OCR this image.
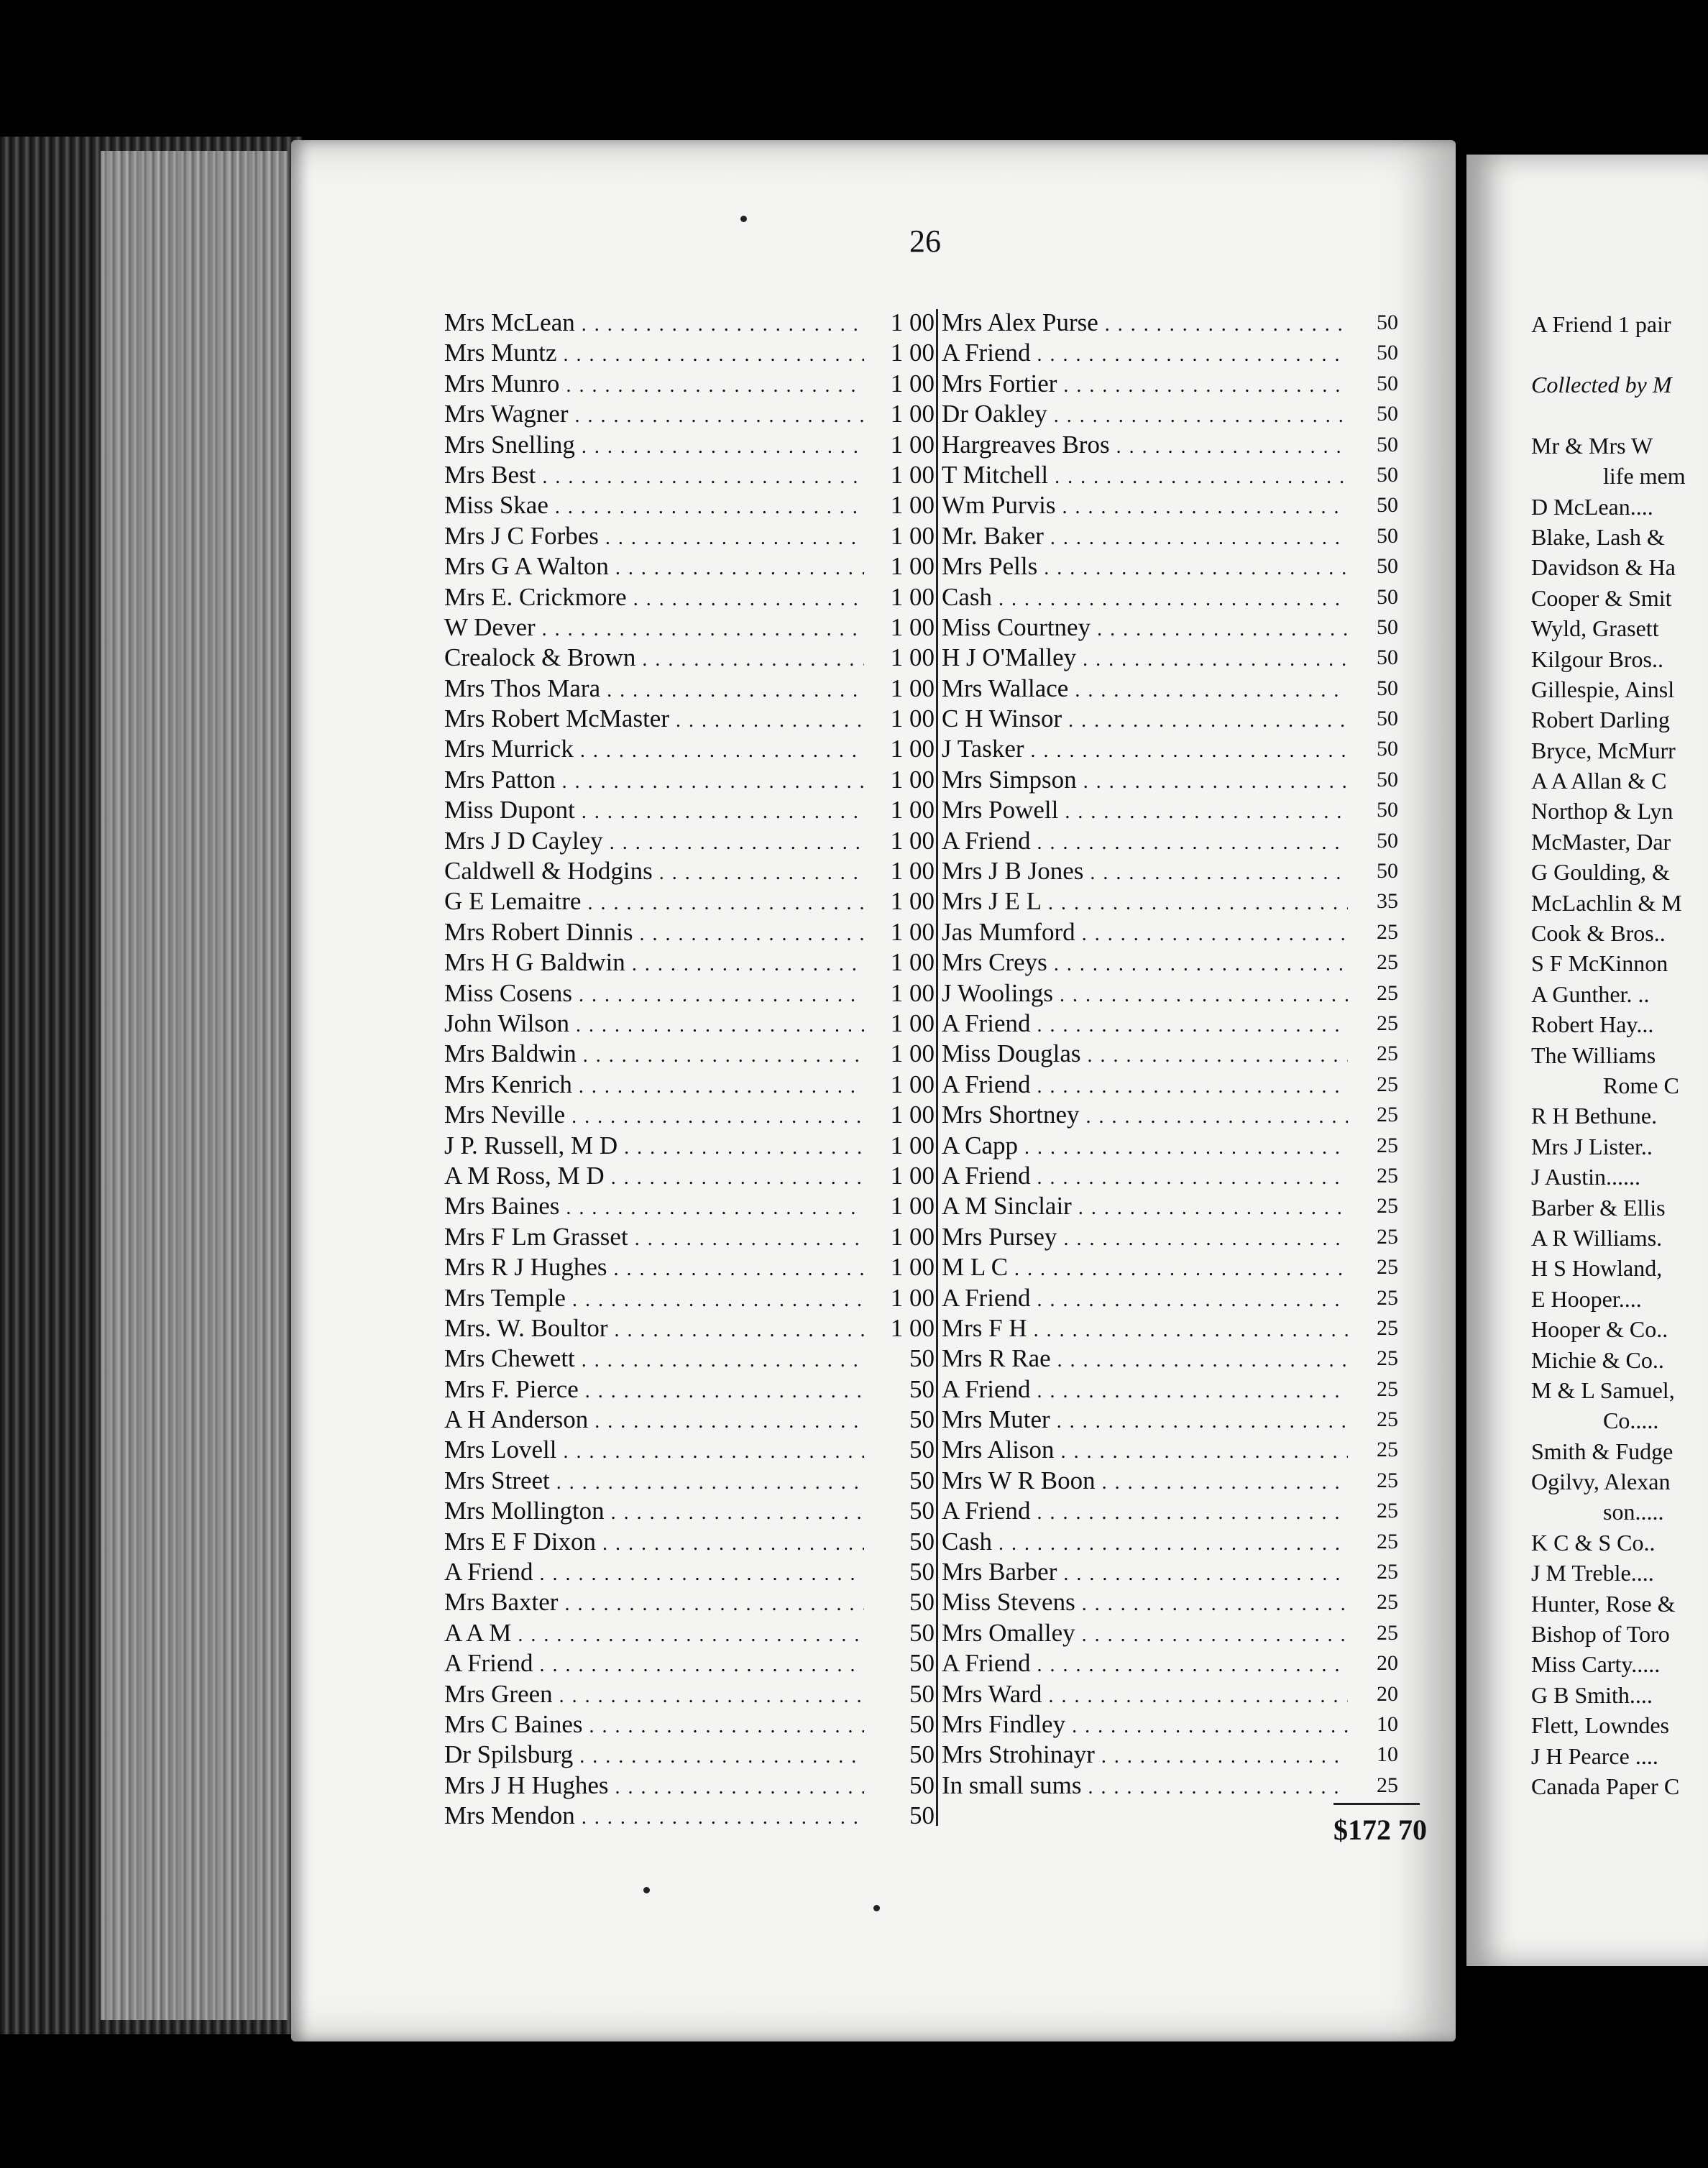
26
Mrs McLean . . .	1 00
Mrs Muntz . . .	1 00
Mrs Munro . . .	1 00
Mrs Wagner . . .	1 00
Mrs Snelling . . .	1 00
Mrs Best . . .	1 00
Miss Skae . . .	1 00
Mrs J C Forbes . . .	1 00
Mrs G A Walton . . .	1 00
Mrs E. Crickmore . . .	1 00
W Dever . . .	1 00
Crealock & Brown . . .	1 00
Mrs Thos Mara . . .	1 00
Mrs Robert McMaster . . .	1 00
Mrs Murrick . . .	1 00
Mrs Patton . . .	1 00
Miss Dupont . . .	1 00
Mrs J D Cayley . . .	1 00
Caldwell & Hodgins . . .	1 00
G E Lemaitre . . .	1 00
Mrs Robert Dinnis . . .	1 00
Mrs H G Baldwin . . .	1 00
Miss Cosens . . .	1 00
John Wilson . . .	1 00
Mrs Baldwin . . .	1 00
Mrs Kenrich . . .	1 00
Mrs Neville . . .	1 00
J P. Russell, M D . . .	1 00
A M Ross, M D . . .	1 00
Mrs Baines . . .	1 00
Mrs F Lm Grasset . . .	1 00
Mrs R J Hughes . . .	1 00
Mrs Temple . . .	1 00
Mrs. W. Boultor . . .	1 00
Mrs Chewett . . .	50
Mrs F. Pierce . . .	50
A H Anderson . . .	50
Mrs Lovell . . .	50
Mrs Street . . .	50
Mrs Mollington . . .	50
Mrs E F Dixon . . .	50
A Friend . . .	50
Mrs Baxter . . .	50
A A M . . .	50
A Friend . . .	50
Mrs Green . . .	50
Mrs C Baines . . .	50
Dr Spilsburg . . .	50
Mrs J H Hughes . . .	50
Mrs Mendon . . .	50
Mrs Alex Purse . . .	50
A Friend . . .	50
Mrs Fortier . . .	50
Dr Oakley . . .	50
Hargreaves Bros . . .	50
T Mitchell . . .	50
Wm Purvis . . .	50
Mr. Baker . . .	50
Mrs Pells . . .	50
Cash . . .	50
Miss Courtney . . .	50
H J O'Malley . . .	50
Mrs Wallace . . .	50
C H Winsor . . .	50
J Tasker . . .	50
Mrs Simpson . . .	50
Mrs Powell . . .	50
A Friend . . .	50
Mrs J B Jones . . .	50
Mrs J E L . . .	35
Jas Mumford . . .	25
Mrs Creys . . .	25
J Woolings . . .	25
A Friend . . .	25
Miss Douglas . . .	25
A Friend . . .	25
Mrs Shortney . . .	25
A Capp . . .	25
A Friend . . .	25
A M Sinclair . . .	25
Mrs Pursey . . .	25
M L C . . .	25
A Friend . . .	25
Mrs F H . . .	25
Mrs R Rae . . .	25
A Friend . . .	25
Mrs Muter . . .	25
Mrs Alison . . .	25
Mrs W R Boon . . .	25
A Friend . . .	25
Cash . . .	25
Mrs Barber . . .	25
Miss Stevens . . .	25
Mrs Omalley . . .	25
A Friend . . .	20
Mrs Ward . . .	20
Mrs Findley . . .	10
Mrs Strohinayr . . .	10
In small sums . . .	25
$172 70
A Friend 1 pair
Collected by M
Mr & Mrs W
life mem
D McLean....
Blake, Lash &
Davidson & Ha
Cooper & Smit
Wyld, Grasett
Kilgour Bros..
Gillespie, Ainsl
Robert Darling
Bryce, McMurr
A A Allan & C
Northop & Lyn
McMaster, Dar
G Goulding, &
McLachlin & M
Cook & Bros..
S F McKinnon
A Gunther. ..
Robert Hay...
The Williams
Rome C
R H Bethune.
Mrs J Lister..
J Austin......
Barber & Ellis
A R Williams.
H S Howland,
E Hooper....
Hooper & Co..
Michie & Co..
M & L Samuel,
Co.....
Smith & Fudge
Ogilvy, Alexan
son.....
K C & S Co..
J M Treble....
Hunter, Rose &
Bishop of Toro
Miss Carty.....
G B Smith....
Flett, Lowndes
J H Pearce ....
Canada Paper C
